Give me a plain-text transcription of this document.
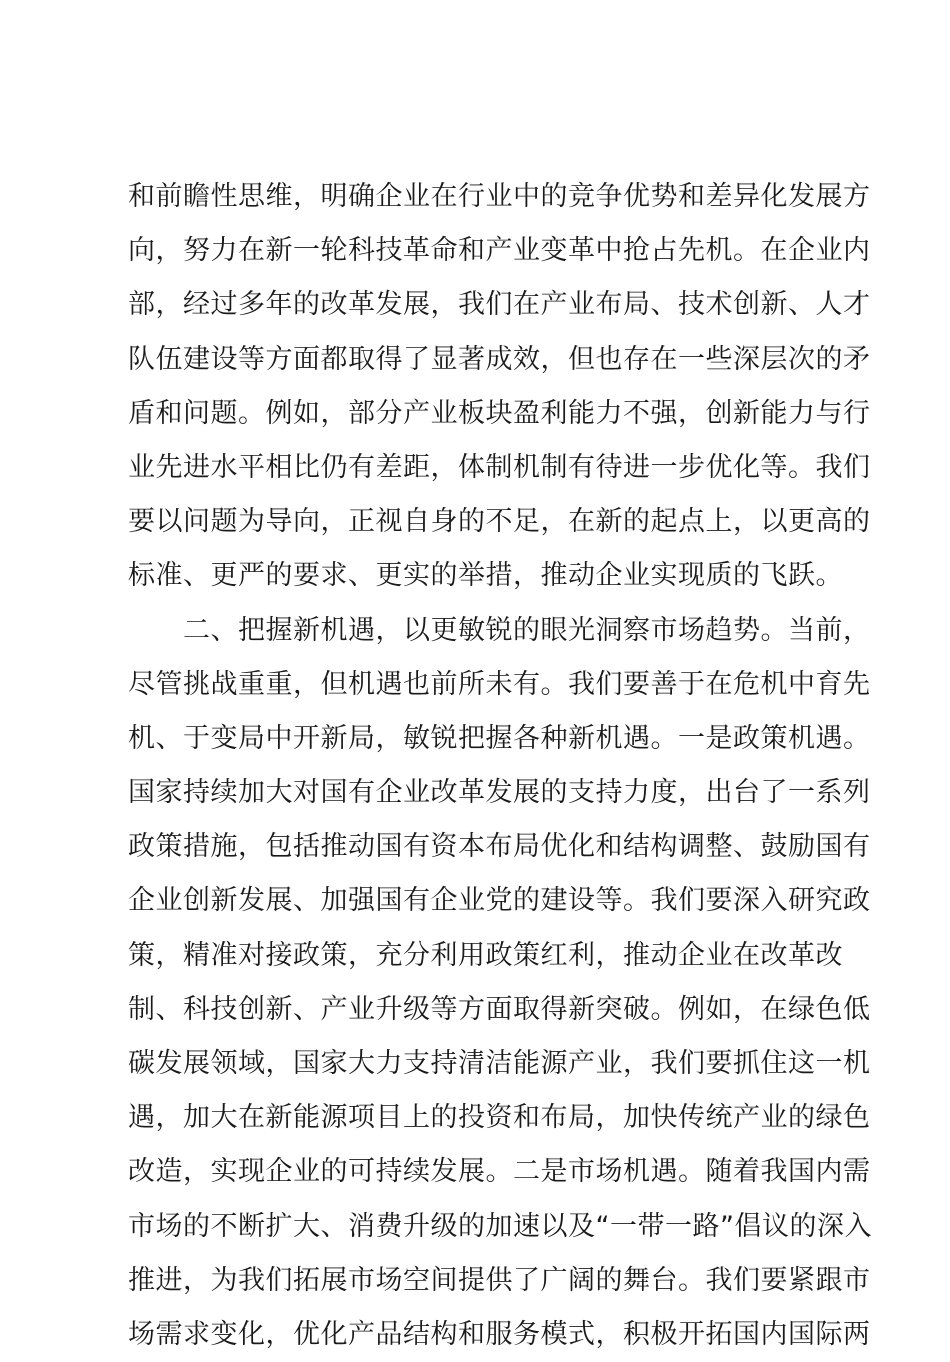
和前瞻性思维，明确企业在行业中的竞争优势和差异化发展方
向，努力在新一轮科技革命和产业变革中抢占先机。在企业内
部，经过多年的改革发展，我们在产业布局、技术创新、人才
队伍建设等方面都取得了显著成效，但也存在一些深层次的矛
盾和问题。例如，部分产业板块盈利能力不强，创新能力与行
业先进水平相比仍有差距，体制机制有待进一步优化等。我们
要以问题为导向，正视自身的不足，在新的起点上，以更高的
标准、更严的要求、更实的举措，推动企业实现质的飞跃。
　　二、把握新机遇，以更敏锐的眼光洞察市场趋势。当前，
尽管挑战重重，但机遇也前所未有。我们要善于在危机中育先
机、于变局中开新局，敏锐把握各种新机遇。一是政策机遇。
国家持续加大对国有企业改革发展的支持力度，出台了一系列
政策措施，包括推动国有资本布局优化和结构调整、鼓励国有
企业创新发展、加强国有企业党的建设等。我们要深入研究政
策，精准对接政策，充分利用政策红利，推动企业在改革改
制、科技创新、产业升级等方面取得新突破。例如，在绿色低
碳发展领域，国家大力支持清洁能源产业，我们要抓住这一机
遇，加大在新能源项目上的投资和布局，加快传统产业的绿色
改造，实现企业的可持续发展。二是市场机遇。随着我国内需
市场的不断扩大、消费升级的加速以及“一带一路”倡议的深入
推进，为我们拓展市场空间提供了广阔的舞台。我们要紧跟市
场需求变化，优化产品结构和服务模式，积极开拓国内国际两
